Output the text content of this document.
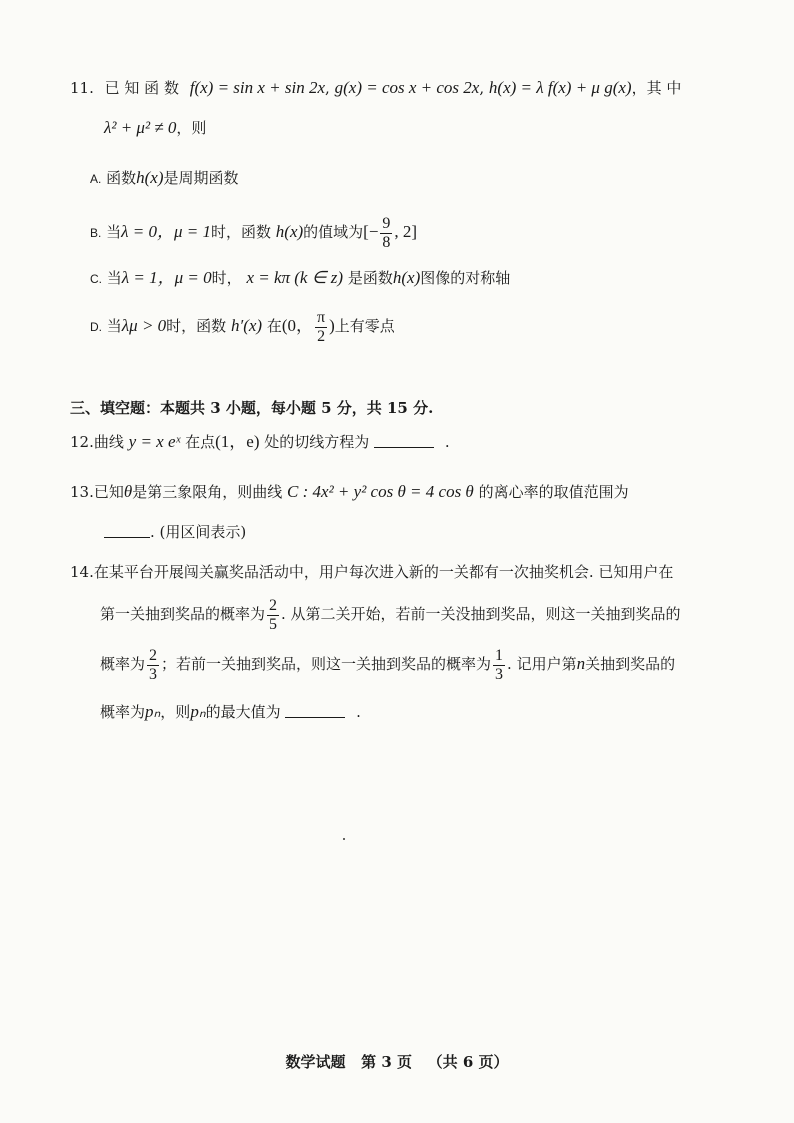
11. 已 知 函 数 f(x) = sin x + sin 2x, g(x) = cos x + cos 2x, h(x) = λ f(x) + μ g(x)，其 中
λ² + μ² ≠ 0，则
A. 函数h(x)是周期函数
B. 当λ = 0，μ = 1时，函数 h(x)的值域为[− $\frac{9}{8}$ , 2]
C. 当λ = 1，μ = 0时， x = kπ (k ∈ z) 是函数h(x)图像的对称轴
D. 当λμ > 0时，函数 h′(x) 在(0， $\frac{\pi}{2}$ )上有零点
三、填空题：本题共 3 小题，每小题 5 分，共 15 分.
12.曲线 y = x eˣ 在点(1，e) 处的切线方程为	.
13.已知θ是第三象限角，则曲线 C : 4x² + y² cos θ = 4 cos θ 的离心率的取值范围为
. (用区间表示)
14.在某平台开展闯关赢奖品活动中，用户每次进入新的一关都有一次抽奖机会. 已知用户在
第一关抽到奖品的概率为 $\frac{2}{5}$ . 从第二关开始，若前一关没抽到奖品，则这一关抽到奖品的
概率为 $\frac{2}{3}$ ；若前一关抽到奖品，则这一关抽到奖品的概率为 $\frac{1}{3}$ . 记用户第n关抽到奖品的
概率为pₙ，则pₙ的最大值为	.
数学试题   第 3 页   （共 6 页）
